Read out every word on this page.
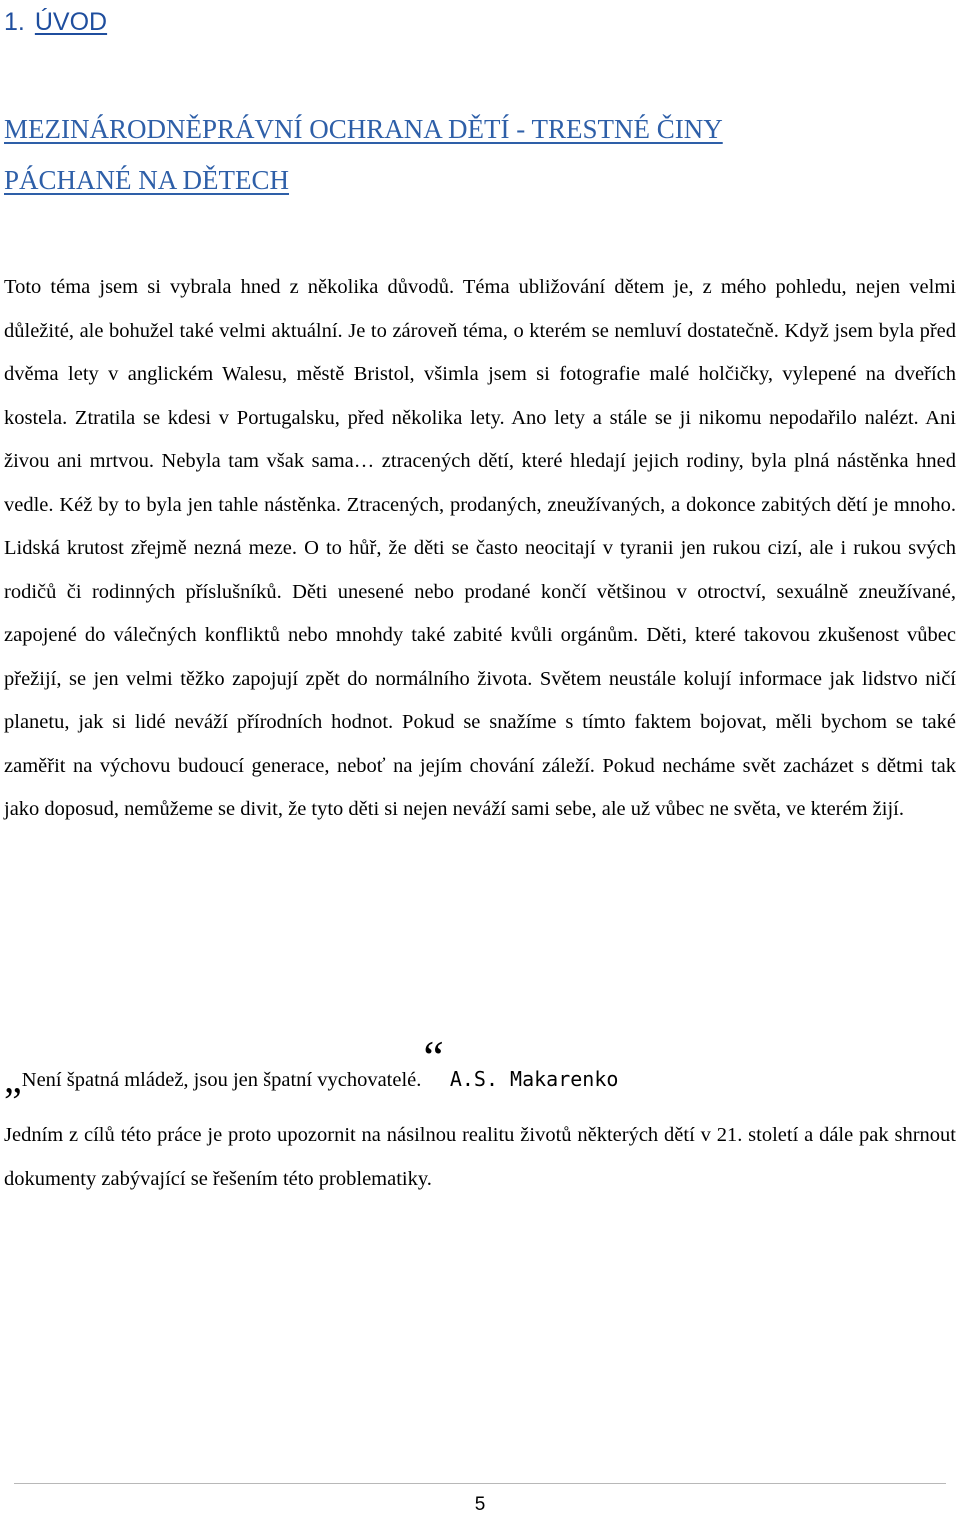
1. ÚVOD
MEZINÁRODNĚPRÁVNÍ OCHRANA DĚTÍ - TRESTNÉ ČINY
PÁCHANÉ NA DĚTECH

Toto téma jsem si vybrala hned z několika důvodů. Téma ubližování dětem je, z mého pohledu, nejen velmi důležité, ale bohužel také velmi aktuální. Je to zároveň téma, o kterém se nemluví dostatečně. Když jsem byla před dvěma lety v anglickém Walesu, městě Bristol, všimla jsem si fotografie malé holčičky, vylepené na dveřích kostela. Ztratila se kdesi v Portugalsku, před několika lety. Ano lety a stále se ji nikomu nepodařilo nalézt. Ani živou ani mrtvou. Nebyla tam však sama… ztracených dětí, které hledají jejich rodiny, byla plná nástěnka hned vedle. Kéž by to byla jen tahle nástěnka. Ztracených, prodaných, zneužívaných, a dokonce zabitých dětí je mnoho. Lidská krutost zřejmě nezná meze. O to hůř, že děti se často neocitají v tyranii jen rukou cizí, ale i rukou svých rodičů či rodinných příslušníků. Děti unesené nebo prodané končí většinou v otroctví, sexuálně zneužívané, zapojené do válečných konfliktů nebo mnohdy také zabité kvůli orgánům. Děti, které takovou zkušenost vůbec přežijí, se jen velmi těžko zapojují zpět do normálního života. Světem neustále kolují informace jak lidstvo ničí planetu, jak si lidé neváží přírodních hodnot. Pokud se snažíme s tímto faktem bojovat, měli bychom se také zaměřit na výchovu budoucí generace, neboť na jejím chování záleží. Pokud necháme svět zacházet s dětmi tak jako doposud, nemůžeme se divit, že tyto děti si nejen neváží sami sebe, ale už vůbec ne světa, ve kterém žijí.

„Není špatná mládež, jsou jen špatní vychovatelé.“ A.S. Makarenko

Jedním z cílů této práce je proto upozornit na násilnou realitu životů některých dětí v 21. století a dále pak shrnout dokumenty zabývající se řešením této problematiky.

5
